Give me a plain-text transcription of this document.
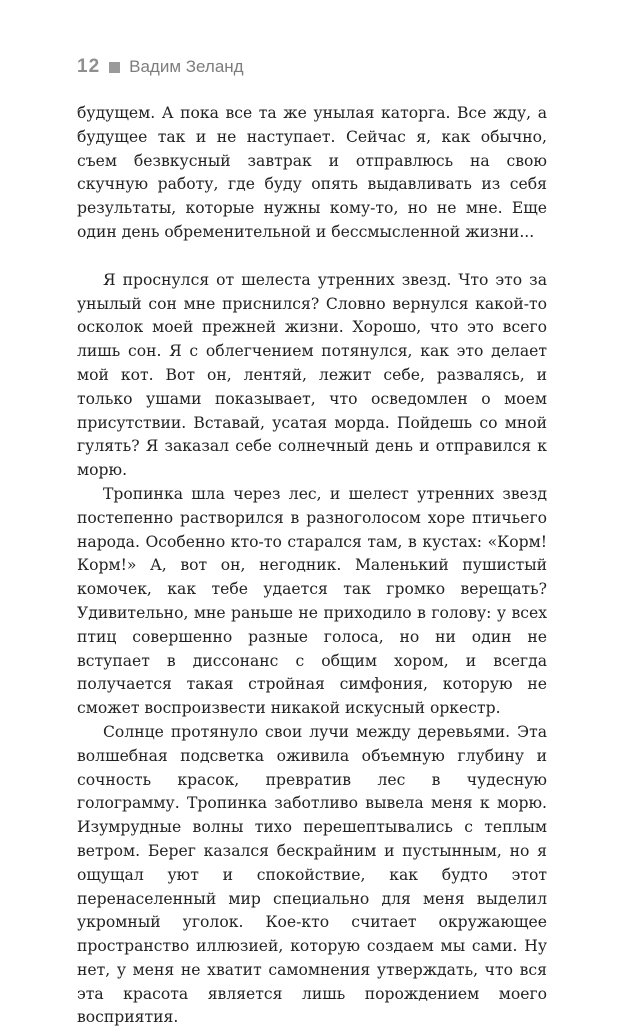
12 Вадим Зеланд

будущем. А пока все та же унылая каторга. Все жду, а будущее так и не наступает. Сейчас я, как обычно, съем безвкусный завтрак и отправлюсь на свою скучную работу, где буду опять выдавливать из себя результаты, которые нужны кому-то, но не мне. Еще один день обременительной и бессмысленной жизни...

Я проснулся от шелеста утренних звезд. Что это за унылый сон мне приснился? Словно вернулся какой-то осколок моей прежней жизни. Хорошо, что это всего лишь сон. Я с облегчением потянулся, как это делает мой кот. Вот он, лентяй, лежит себе, развалясь, и только ушами показывает, что осведомлен о моем присутствии. Вставай, усатая морда. Пойдешь со мной гулять? Я заказал себе солнечный день и отправился к морю.

Тропинка шла через лес, и шелест утренних звезд постепенно растворился в разноголосом хоре птичьего народа. Особенно кто-то старался там, в кустах: «Корм! Корм!» А, вот он, негодник. Маленький пушистый комочек, как тебе удается так громко верещать? Удивительно, мне раньше не приходило в голову: у всех птиц совершенно разные голоса, но ни один не вступает в диссонанс с общим хором, и всегда получается такая стройная симфония, которую не сможет воспроизвести никакой искусный оркестр.

Солнце протянуло свои лучи между деревьями. Эта волшебная подсветка оживила объемную глубину и сочность красок, превратив лес в чудесную голограмму. Тропинка заботливо вывела меня к морю. Изумрудные волны тихо перешептывались с теплым ветром. Берег казался бескрайним и пустынным, но я ощущал уют и спокойствие, как будто этот перенаселенный мир специально для меня выделил укромный уголок. Кое-кто считает окружающее пространство иллюзией, которую создаем мы сами. Ну нет, у меня не хватит самомнения утверждать, что вся эта красота является лишь порождением моего восприятия.
